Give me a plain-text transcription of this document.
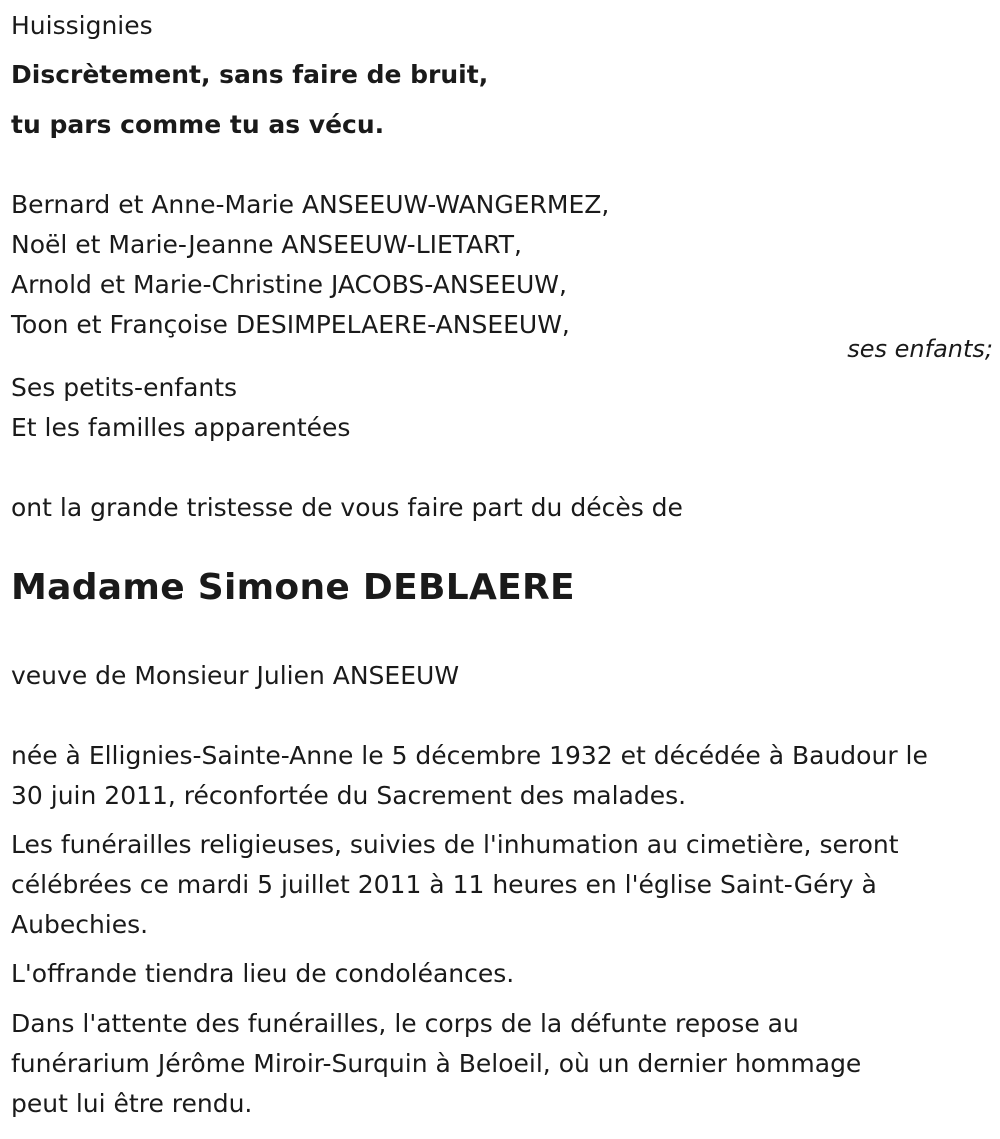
Huissignies
Discrètement, sans faire de bruit,
tu pars comme tu as vécu.
Bernard et Anne-Marie ANSEEUW-WANGERMEZ,
Noël et Marie-Jeanne ANSEEUW-LIETART,
Arnold et Marie-Christine JACOBS-ANSEEUW,
Toon et Françoise DESIMPELAERE-ANSEEUW,
ses enfants;
Ses petits-enfants
Et les familles apparentées
ont la grande tristesse de vous faire part du décès de
Madame Simone DEBLAERE
veuve de Monsieur Julien ANSEEUW
née à Ellignies-Sainte-Anne le 5 décembre 1932 et décédée à Baudour le
30 juin 2011, réconfortée du Sacrement des malades.
Les funérailles religieuses, suivies de l'inhumation au cimetière, seront
célébrées ce mardi 5 juillet 2011 à 11 heures en l'église Saint-Géry à
Aubechies.
L'offrande tiendra lieu de condoléances.
Dans l'attente des funérailles, le corps de la défunte repose au
funérarium Jérôme Miroir-Surquin à Beloeil, où un dernier hommage
peut lui être rendu.
